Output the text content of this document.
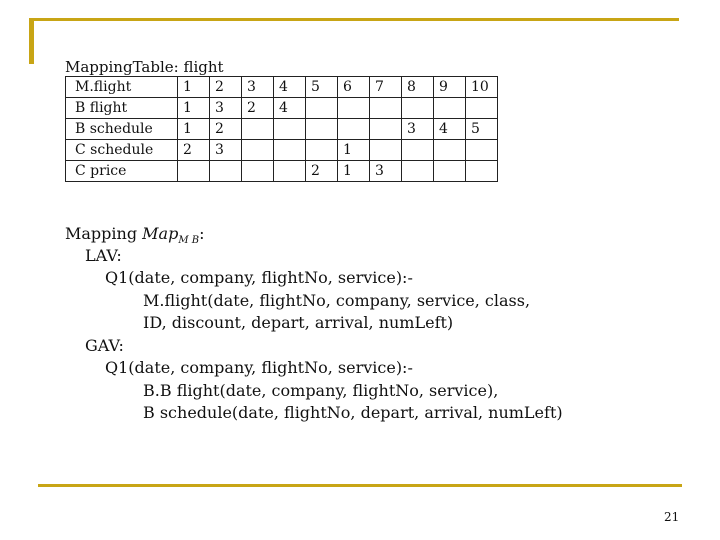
MappingTable: flight
M.flight	1	2	3	4	5	6	7	8	9	10
B flight	1	3	2	4						
B schedule	1	2						3	4	5
C schedule	2	3				1				
C price					2	1	3			
Mapping Map$_{M B}$:
LAV:
Q1(date, company, flightNo, service):-
M.flight(date, flightNo, company, service, class,
ID, discount, depart, arrival, numLeft)
GAV:
Q1(date, company, flightNo, service):-
B.B flight(date, company, flightNo, service),
B schedule(date, flightNo, depart, arrival, numLeft)
21
